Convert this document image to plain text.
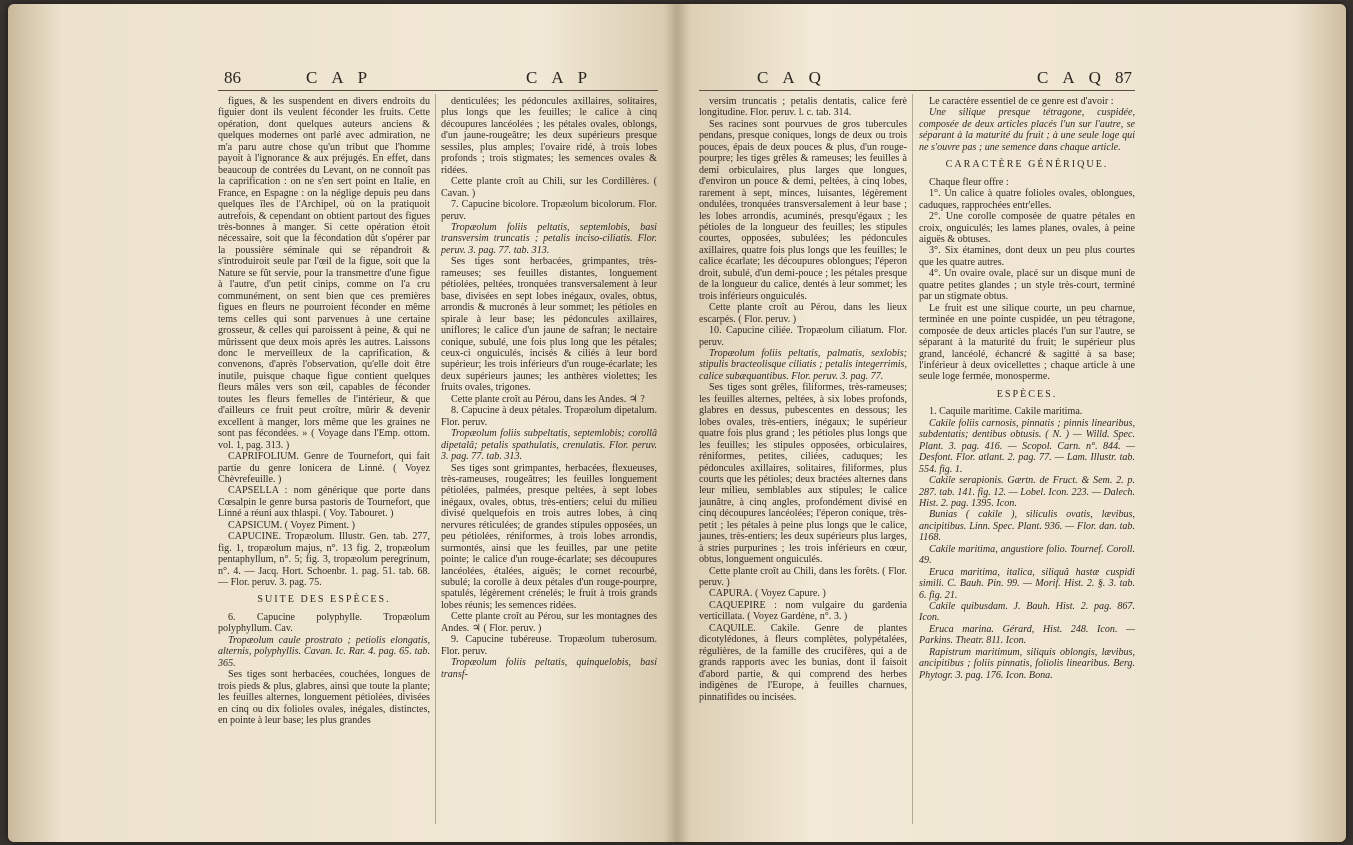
86	CAP	CAP

figues, & les suspendent en divers endroits du figuier dont ils veulent féconder les fruits. Cette opération, dont quelques auteurs anciens & quelques modernes ont parlé avec admiration, ne m'a paru autre chose qu'un tribut que l'homme payoit à l'ignorance & aux préjugés. En effet, dans beaucoup de contrées du Levant, on ne connoît pas la caprification : on ne s'en sert point en Italie, en France, en Espagne : on la néglige depuis peu dans quelques îles de l'Archipel, où on la pratiquoit autrefois, & cependant on obtient partout des figues très-bonnes à manger. Si cette opération étoit nécessaire, soit que la fécondation dût s'opérer par la poussière séminale qui se répandroit & s'introduiroit seule par l'œil de la figue, soit que la Nature se fût servie, pour la transmettre d'une figue à l'autre, d'un petit cinips, comme on l'a cru communément, on sent bien que ces premières figues en fleurs ne pourroient féconder en même tems celles qui sont parvenues à une certaine grosseur, & celles qui paroissent à peine, & qui ne mûrissent que deux mois après les autres. Laissons donc le merveilleux de la caprification, & convenons, d'après l'observation, qu'elle doit être inutile, puisque chaque figue contient quelques fleurs mâles vers son œil, capables de féconder toutes les fleurs femelles de l'intérieur, & que d'ailleurs ce fruit peut croître, mûrir & devenir excellent à manger, lors même que les graines ne sont pas fécondées. » ( Voyage dans l'Emp. ottom. vol. 1, pag. 313. )

CAPRIFOLIUM. Genre de Tournefort, qui fait partie du genre lonicera de Linné. ( Voyez Chèvrefeuille. )

CAPSELLA : nom générique que porte dans Cœsalpin le genre bursa pastoris de Tournefort, que Linné a réuni aux thlaspi. ( Voy. Tabouret. )

CAPSICUM. ( Voyez Piment. )

CAPUCINE. Tropæolum. Illustr. Gen. tab. 277, fig. 1, tropæolum majus, n°. 13 fig. 2, tropæolum pentaphyllum, n°. 5; fig. 3, tropæolum peregrinum, n°. 4. — Jacq. Hort. Schoenbr. 1. pag. 51. tab. 68. — Flor. peruv. 3. pag. 75.

SUITE DES ESPÈCES.

6. Capucine polyphylle. Tropæolum polyphyllum. Cav.

Tropæolum caule prostrato ; petiolis elongatis, alternis, polyphyllis. Cavan. Ic. Rar. 4. pag. 65. tab. 365.

Ses tiges sont herbacées, couchées, longues de trois pieds & plus, glabres, ainsi que toute la plante; les feuilles alternes, longuement pétiolées, divisées en cinq ou dix folioles ovales, inégales, distinctes, en pointe à leur base; les plus grandes

denticulées; les pédoncules axillaires, solitaires, plus longs que les feuilles; le calice à cinq découpures lancéolées ; les pétales ovales, oblongs, d'un jaune-rougeâtre; les deux supérieurs presque sessiles, plus amples; l'ovaire ridé, à trois lobes profonds ; trois stigmates; les semences ovales & ridées.

Cette plante croît au Chili, sur les Cordillères. ( Cavan. )

7. Capucine bicolore. Tropæolum bicolorum. Flor. peruv.

Tropæolum foliis peltatis, septemlobis, basi transversim truncatis ; petalis inciso-ciliatis. Flor. peruv. 3. pag. 77. tab. 313.

Ses tiges sont herbacées, grimpantes, très-rameuses; ses feuilles distantes, longuement pétiolées, peltées, tronquées transversalement à leur base, divisées en sept lobes inégaux, ovales, obtus, arrondis & mucronés à leur sommet; les pétioles en spirale à leur base; les pédoncules axillaires, uniflores; le calice d'un jaune de safran; le nectaire conique, subulé, une fois plus long que les pétales; ceux-ci onguiculés, incisés & ciliés à leur bord supérieur; les trois inférieurs d'un rouge-écarlate; les deux supérieurs jaunes; les anthères violettes; les fruits ovales, trigones.

Cette plante croît au Pérou, dans les Andes. ♃ ?

8. Capucine à deux pétales. Tropæolum dipetalum. Flor. peruv.

Tropæolum foliis subpeltatis, septemlobis; corollâ dipetalâ; petalis spathulatis, crenulatis. Flor. peruv. 3. pag. 77. tab. 313.

Ses tiges sont grimpantes, herbacées, flexueuses, très-rameuses, rougeâtres; les feuilles longuement pétiolées, palmées, presque peltées, à sept lobes inégaux, ovales, obtus, très-entiers; celui du milieu divisé quelquefois en trois autres lobes, à cinq nervures réticulées; de grandes stipules opposées, un peu pétiolées, réniformes, à trois lobes arrondis, surmontés, ainsi que les feuilles, par une petite pointe; le calice d'un rouge-écarlate; ses découpures lancéolées, étalées, aiguës; le cornet recourbé, subulé; la corolle à deux pétales d'un rouge-pourpre, spatulés, légèrement crénelés; le fruit à trois grands lobes réunis; les semences ridées.

Cette plante croît au Pérou, sur les montagnes des Andes. ♃ ( Flor. peruv. )

9. Capucine tubéreuse. Tropæolum tuberosum. Flor. peruv.

Tropæolum foliis peltatis, quinquelobis, basi transf-

CAQ	CAQ 87

versim truncatis ; petalis dentatis, calice ferè longitudine. Flor. peruv. l. c. tab. 314.

Ses racines sont pourvues de gros tubercules pendans, presque coniques, longs de deux ou trois pouces, épais de deux pouces & plus, d'un rouge-pourpre; les tiges grêles & rameuses; les feuilles à demi orbiculaires, plus larges que longues, d'environ un pouce & demi, peltées, à cinq lobes, rarement à sept, minces, luisantes, légèrement ondulées, tronquées transversalement à leur base ; les lobes arrondis, acuminés, presqu'égaux ; les pétioles de la longueur des feuilles; les stipules courtes, opposées, subulées; les pédoncules axillaires, quatre fois plus longs que les feuilles; le calice écarlate; les découpures oblongues; l'éperon droit, subulé, d'un demi-pouce ; les pétales presque de la longueur du calice, dentés à leur sommet; les trois inférieurs onguiculés.

Cette plante croît au Pérou, dans les lieux escarpés. ( Flor. peruv. )

10. Capucine ciliée. Tropæolum ciliatum. Flor. peruv.

Tropæolum foliis peltatis, palmatis, sexlobis; stipulis bracteolisque ciliatis ; petalis integerrimis, calice subæquantibus. Flor. peruv. 3. pag. 77.

Ses tiges sont grêles, filiformes, très-rameuses; les feuilles alternes, peltées, à six lobes profonds, glabres en dessus, pubescentes en dessous; les lobes ovales, très-entiers, inégaux; le supérieur quatre fois plus grand ; les pétioles plus longs que les feuilles; les stipules opposées, orbiculaires, réniformes, petites, ciliées, caduques; les pédoncules axillaires, solitaires, filiformes, plus courts que les pétioles; deux bractées alternes dans leur milieu, semblables aux stipules; le calice jaunâtre, à cinq angles, profondément divisé en cinq découpures lancéolées; l'éperon conique, très-petit ; les pétales à peine plus longs que le calice, jaunes, très-entiers; les deux supérieurs plus larges, à stries purpurines ; les trois inférieurs en cœur, obtus, longuement onguiculés.

Cette plante croît au Chili, dans les forêts. ( Flor. peruv. )

CAPURA. ( Voyez Capure. )

CAQUEPIRE : nom vulgaire du gardenia verticillata. ( Voyez Gardène, n°. 3. )

CAQUILE. Cakile. Genre de plantes dicotylédones, à fleurs complètes, polypétalées, régulières, de la famille des crucifères, qui a de grands rapports avec les bunias, dont il faisoit d'abord partie, & qui comprend des herbes indigènes de l'Europe, à feuilles charnues, pinnatifides ou incisées.

Le caractère essentiel de ce genre est d'avoir :

Une silique presque tétragone, cuspidée, composée de deux articles placés l'un sur l'autre, se séparant à la maturité du fruit ; à une seule loge qui ne s'ouvre pas ; une semence dans chaque article.

CARACTÈRE GÉNÉRIQUE.

Chaque fleur offre :

1°. Un calice à quatre folioles ovales, oblongues, caduques, rapprochées entr'elles.

2°. Une corolle composée de quatre pétales en croix, onguiculés; les lames planes, ovales, à peine aiguës & obtuses.

3°. Six étamines, dont deux un peu plus courtes que les quatre autres.

4°. Un ovaire ovale, placé sur un disque muni de quatre petites glandes ; un style très-court, terminé par un stigmate obtus.

Le fruit est une silique courte, un peu charnue, terminée en une pointe cuspidée, un peu tétragone, composée de deux articles placés l'un sur l'autre, se séparant à la maturité du fruit; le supérieur plus grand, lancéolé, échancré & sagitté à sa base; l'inférieur à deux ovicellettes ; chaque article à une seule loge fermée, monosperme.

ESPÈCES.

1. Caquile maritime. Cakile maritima.

Cakile foliis carnosis, pinnatis ; pinnis linearibus, subdentatis; dentibus obtusis. ( N. ) — Willd. Spec. Plant. 3. pag. 416. — Scopol. Carn. n°. 844. — Desfont. Flor. atlant. 2. pag. 77. — Lam. Illustr. tab. 554. fig. 1.

Cakile serapionis. Gærtn. de Fruct. & Sem. 2. p. 287. tab. 141. fig. 12. — Lobel. Icon. 223. — Dalech. Hist. 2. pag. 1395. Icon.

Bunias ( cakile ), siliculis ovatis, lævibus, ancipitibus. Linn. Spec. Plant. 936. — Flor. dan. tab. 1168.

Cakile maritima, angustiore folio. Tournef. Coroll. 49.

Eruca maritima, italica, siliquâ hastæ cuspidi simili. C. Bauh. Pin. 99. — Morif. Hist. 2. §. 3. tab. 6. fig. 21.

Cakile quibusdam. J. Bauh. Hist. 2. pag. 867. Icon.

Eruca marina. Gérard, Hist. 248. Icon. — Parkins. Theatr. 811. Icon.

Rapistrum maritimum, siliquis oblongis, lævibus, ancipitibus ; foliis pinnatis, foliolis linearibus. Berg. Phytogr. 3. pag. 176. Icon. Bona.
